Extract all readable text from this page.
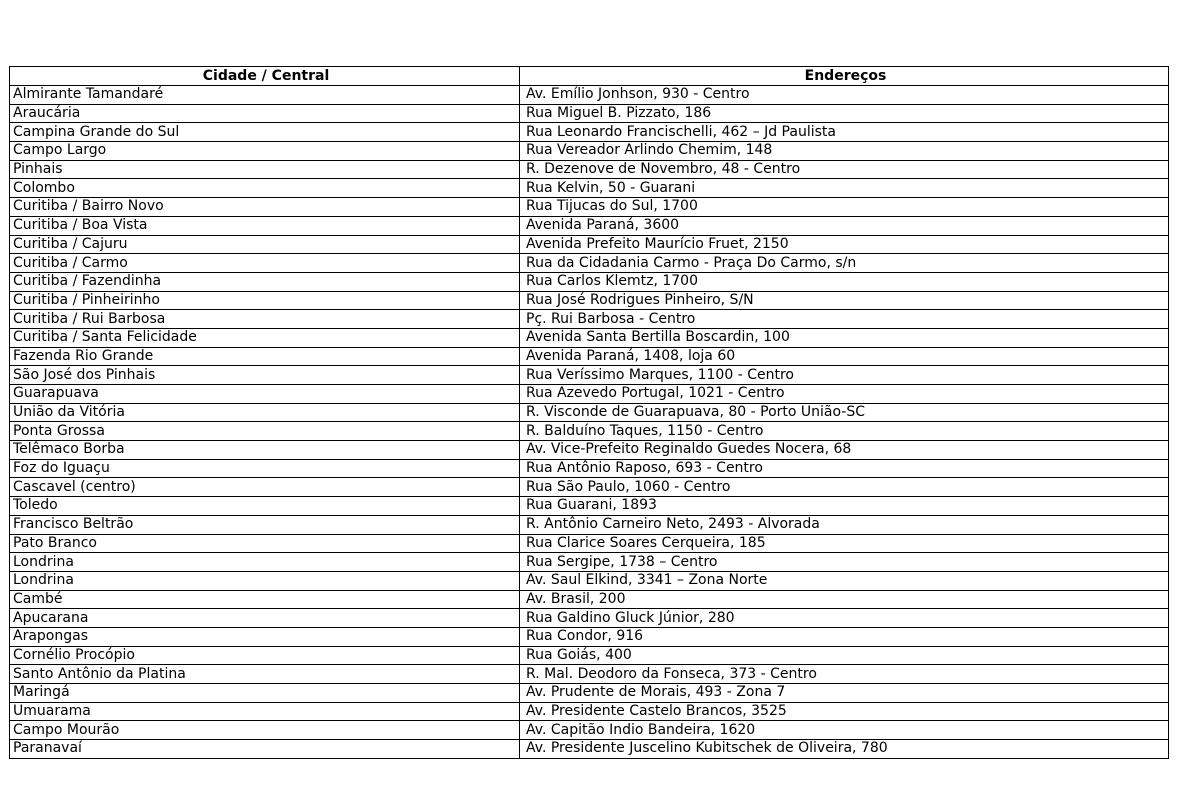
Cidade / Central	Endereços
Almirante Tamandaré	Av. Emílio Jonhson, 930 - Centro
Araucária	Rua Miguel B. Pizzato, 186
Campina Grande do Sul	Rua Leonardo Francischelli, 462 – Jd Paulista
Campo Largo	Rua Vereador Arlindo Chemim, 148
Pinhais	R. Dezenove de Novembro, 48 - Centro
Colombo	Rua Kelvin, 50 - Guarani
Curitiba / Bairro Novo	Rua Tijucas do Sul, 1700
Curitiba / Boa Vista	Avenida Paraná, 3600
Curitiba / Cajuru	Avenida Prefeito Maurício Fruet, 2150
Curitiba / Carmo	Rua da Cidadania Carmo - Praça Do Carmo, s/n
Curitiba / Fazendinha	Rua Carlos Klemtz, 1700
Curitiba / Pinheirinho	Rua José Rodrigues Pinheiro, S/N
Curitiba / Rui Barbosa	Pç. Rui Barbosa - Centro
Curitiba / Santa Felicidade	Avenida Santa Bertilla Boscardin, 100
Fazenda Rio Grande	Avenida Paraná, 1408, loja 60
São José dos Pinhais	Rua Veríssimo Marques, 1100 - Centro
Guarapuava	Rua Azevedo Portugal, 1021 - Centro
União da Vitória	R. Visconde de Guarapuava, 80 - Porto União-SC
Ponta Grossa	R. Balduíno Taques, 1150 - Centro
Telêmaco Borba	Av. Vice-Prefeito Reginaldo Guedes Nocera, 68
Foz do Iguaçu	Rua Antônio Raposo, 693 - Centro
Cascavel (centro)	Rua São Paulo, 1060 - Centro
Toledo	Rua Guarani, 1893
Francisco Beltrão	R. Antônio Carneiro Neto, 2493 - Alvorada
Pato Branco	Rua Clarice Soares Cerqueira, 185
Londrina	Rua Sergipe, 1738 – Centro
Londrina	Av. Saul Elkind, 3341 – Zona Norte
Cambé	Av. Brasil, 200
Apucarana	Rua Galdino Gluck Júnior, 280
Arapongas	Rua Condor, 916
Cornélio Procópio	Rua Goiás, 400
Santo Antônio da Platina	R. Mal. Deodoro da Fonseca, 373 - Centro
Maringá	Av. Prudente de Morais, 493 - Zona 7
Umuarama	Av. Presidente Castelo Brancos, 3525
Campo Mourão	Av. Capitão Indio Bandeira, 1620
Paranavaí	Av. Presidente Juscelino Kubitschek de Oliveira, 780
